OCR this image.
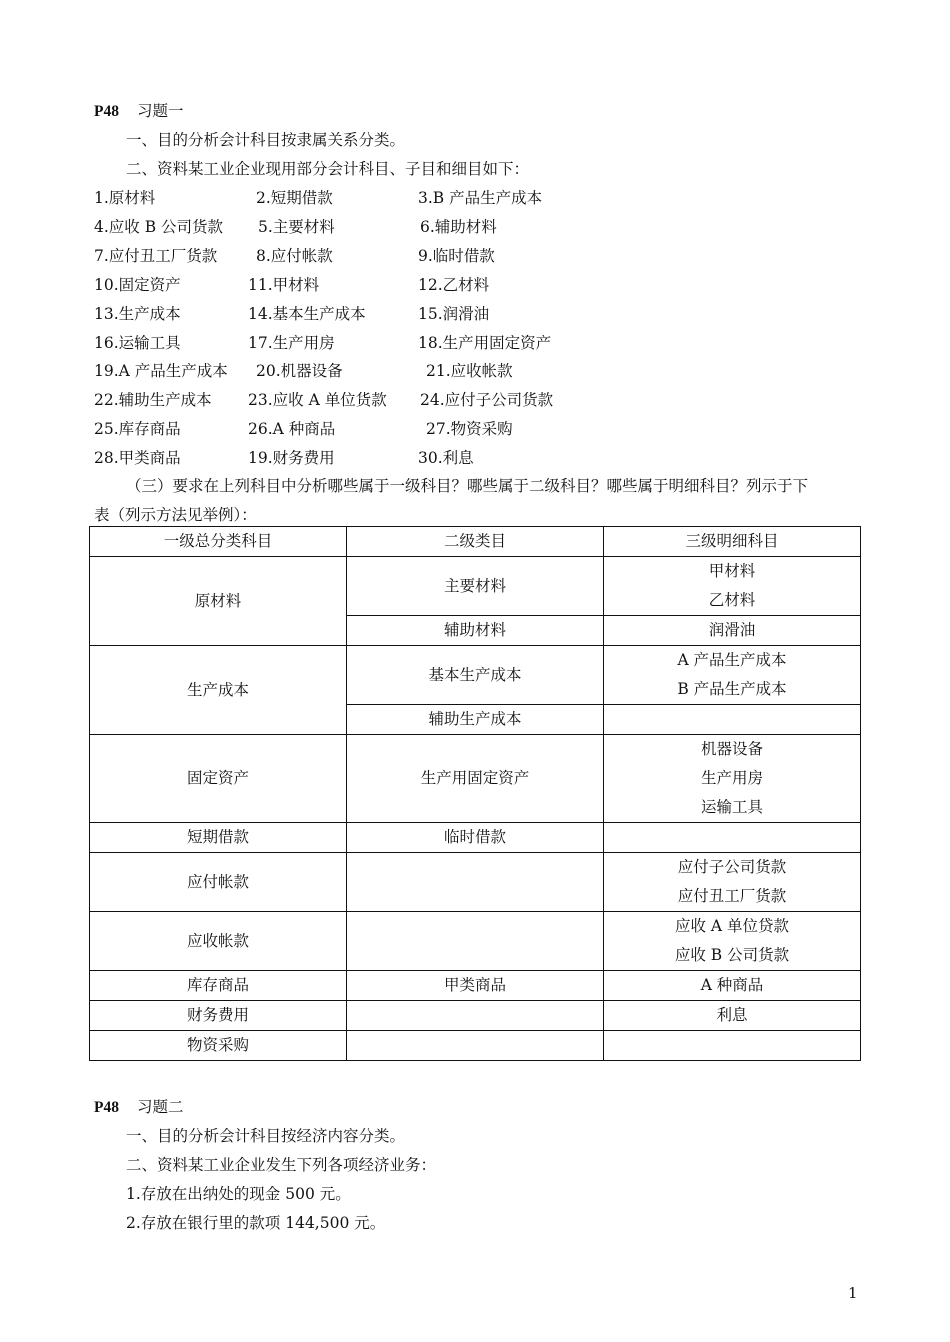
P48 习题一
一、目的分析会计科目按隶属关系分类。
二、资料某工业企业现用部分会计科目、子目和细目如下：
1.原材料	2.短期借款	3.B 产品生产成本
4.应收 B 公司货款 5.主要材料	6.辅助材料
7.应付丑工厂货款 8.应付帐款	9.临时借款
10.固定资产	11.甲材料	12.乙材料
13.生产成本	14.基本生产成本	15.润滑油
16.运输工具	17.生产用房	18.生产用固定资产
19.A 产品生产成本 20.机器设备	21.应收帐款
22.辅助生产成本 23.应收 A 单位货款 24.应付子公司货款
25.库存商品	26.A 种商品	27.物资采购
28.甲类商品	19.财务费用	30.利息
（三）要求在上列科目中分析哪些属于一级科目？哪些属于二级科目？哪些属于明细科目？列示于下
表（列示方法见举例）：
一级总分类科目	二级类目	三级明细科目
原材料	主要材料	甲材料
乙材料

	辅助材料	润滑油
生产成本	基本生产成本	A 产品生产成本
B 产品生产成本

	辅助生产成本	
固定资产	生产用固定资产	机器设备
生产用房
运输工具

短期借款	临时借款	
应付帐款		应付子公司货款
应付丑工厂货款

应收帐款		应收 A 单位贷款
应收 B 公司货款

库存商品	甲类商品	A 种商品
财务费用		利息
物资采购		
P48 习题二
一、目的分析会计科目按经济内容分类。
二、资料某工业企业发生下列各项经济业务：
1.存放在出纳处的现金 500 元。
2.存放在银行里的款项 144,500 元。
1
